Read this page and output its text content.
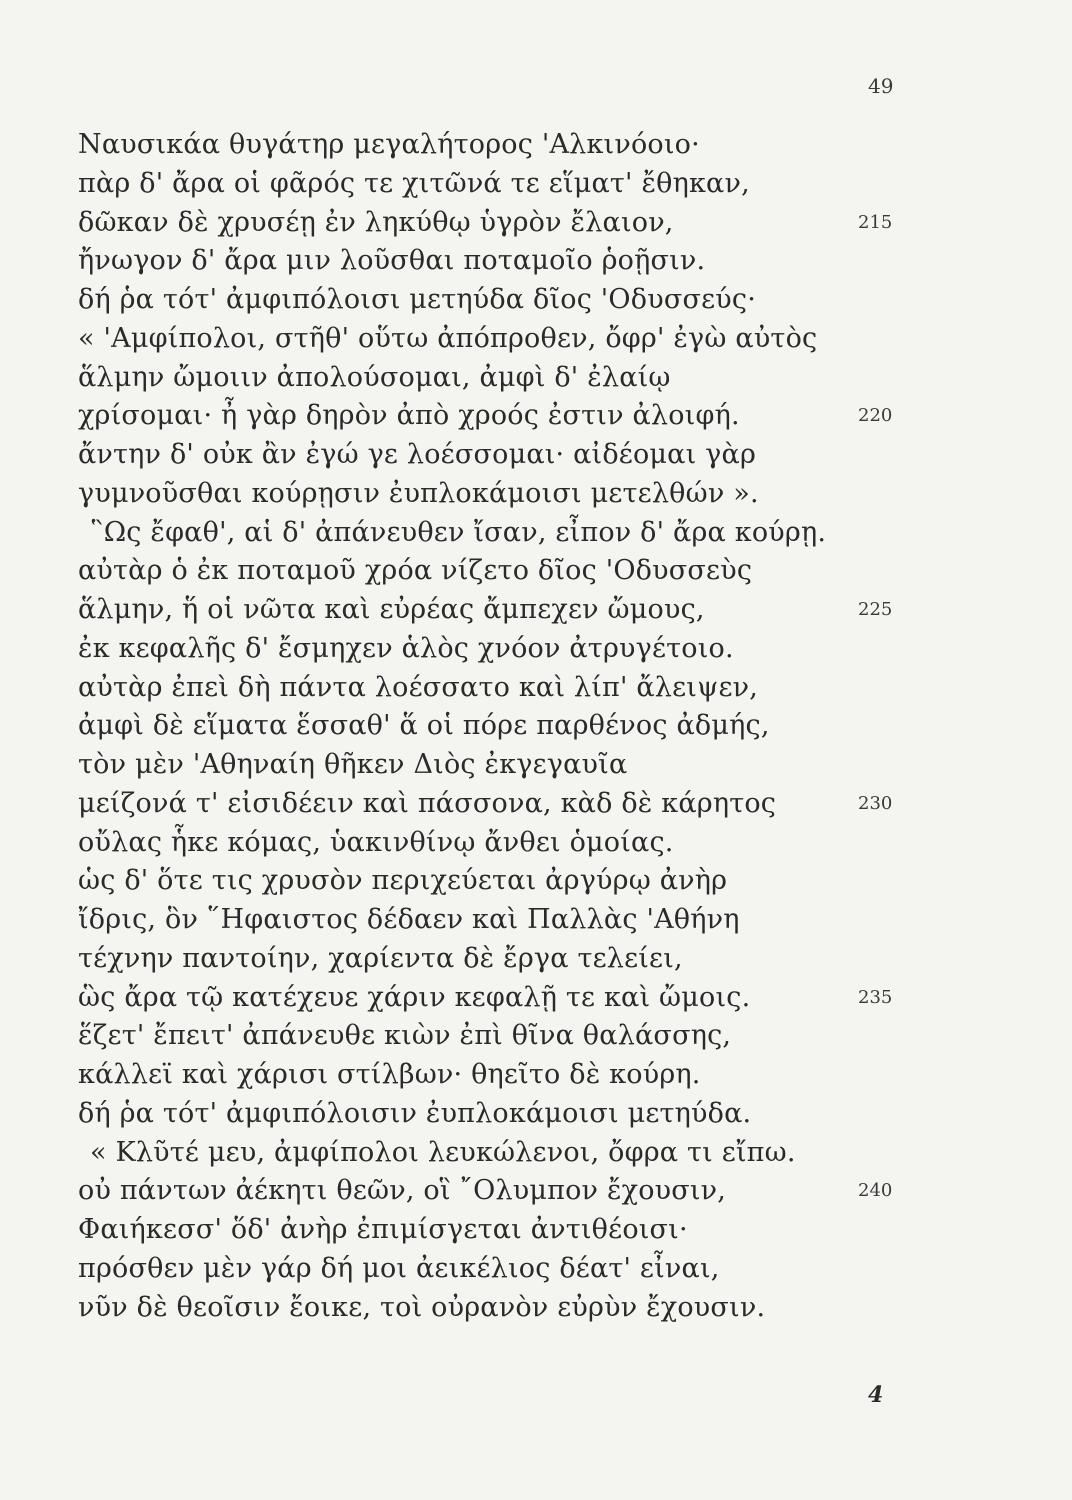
49
Ναυσικάα θυγάτηρ μεγαλήτορος 'Αλκινόοιο·
πὰρ δ' ἄρα οἱ φᾶρός τε χιτῶνά τε εἵματ' ἔθηκαν,
δῶκαν δὲ χρυσέῃ ἐν ληκύθῳ ὑγρὸν ἔλαιον,
ἤνωγον δ' ἄρα μιν λοῦσθαι ποταμοῖο ῥοῇσιν.
δή ῥα τότ' ἀμφιπόλοισι μετηύδα δῖος 'Οδυσσεύς·
« 'Αμφίπολοι, στῆθ' οὕτω ἀπόπροθεν, ὄφρ' ἐγὼ αὐτὸς
ἅλμην ὤμοιιν ἀπολούσομαι, ἀμφὶ δ' ἐλαίῳ
χρίσομαι· ἦ γὰρ δηρὸν ἀπὸ χροός ἐστιν ἀλοιφή.
ἄντην δ' οὐκ ἂν ἐγώ γε λοέσσομαι· αἰδέομαι γὰρ
γυμνοῦσθαι κούρῃσιν ἐυπλοκάμοισι μετελθών ».
῝Ως ἔφαθ', αἱ δ' ἀπάνευθεν ἴσαν, εἶπον δ' ἄρα κούρῃ.
αὐτὰρ ὁ ἐκ ποταμοῦ χρόα νίζετο δῖος 'Οδυσσεὺς
ἅλμην, ἥ οἱ νῶτα καὶ εὐρέας ἄμπεχεν ὤμους,
ἐκ κεφαλῆς δ' ἔσμηχεν ἁλὸς χνόον ἀτρυγέτοιο.
αὐτὰρ ἐπεὶ δὴ πάντα λοέσσατο καὶ λίπ' ἄλειψεν,
ἀμφὶ δὲ εἵματα ἕσσαθ' ἅ οἱ πόρε παρθένος ἀδμής,
τὸν μὲν 'Αθηναίη θῆκεν Διὸς ἐκγεγαυῖα
μείζονά τ' εἰσιδέειν καὶ πάσσονα, κὰδ δὲ κάρητος
οὔλας ἧκε κόμας, ὑακινθίνῳ ἄνθει ὁμοίας.
ὡς δ' ὅτε τις χρυσὸν περιχεύεται ἀργύρῳ ἀνὴρ
ἴδρις, ὃν ῞Ηφαιστος δέδαεν καὶ Παλλὰς 'Αθήνη
τέχνην παντοίην, χαρίεντα δὲ ἔργα τελείει,
ὣς ἄρα τῷ κατέχευε χάριν κεφαλῇ τε καὶ ὤμοις.
ἕζετ' ἔπειτ' ἀπάνευθε κιὼν ἐπὶ θῖνα θαλάσσης,
κάλλεϊ καὶ χάρισι στίλβων· θηεῖτο δὲ κούρη.
δή ῥα τότ' ἀμφιπόλοισιν ἐυπλοκάμοισι μετηύδα.
« Κλῦτέ μευ, ἀμφίπολοι λευκώλενοι, ὄφρα τι εἴπω.
οὐ πάντων ἀέκητι θεῶν, οἳ ῎Ολυμπον ἔχουσιν,
Φαιήκεσσ' ὅδ' ἀνὴρ ἐπιμίσγεται ἀντιθέοισι·
πρόσθεν μὲν γάρ δή μοι ἀεικέλιος δέατ' εἶναι,
νῦν δὲ θεοῖσιν ἔοικε, τοὶ οὐρανὸν εὐρὺν ἔχουσιν.
215
220
225
230
235
240
4
